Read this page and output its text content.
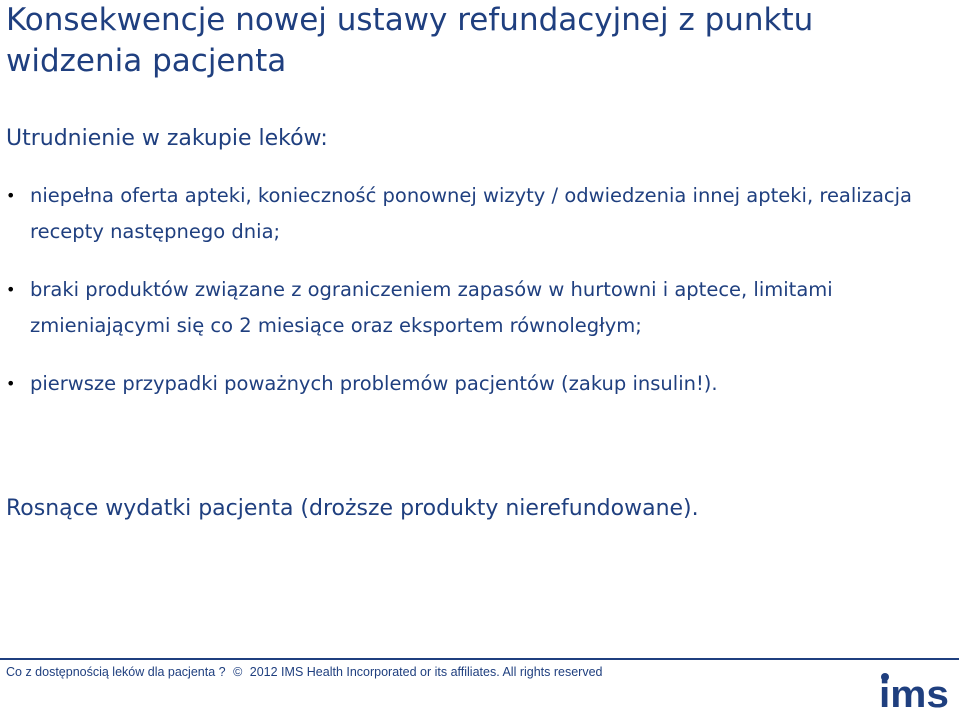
Konsekwencje nowej ustawy refundacyjnej z punktu widzenia pacjenta

Utrudnienie w zakupie leków:

• niepełna oferta apteki, konieczność ponownej wizyty / odwiedzenia innej apteki, realizacja recepty następnego dnia;
• braki produktów związane z ograniczeniem zapasów w hurtowni i aptece, limitami zmieniającymi się co 2 miesiące oraz eksportem równoległym;
• pierwsze przypadki poważnych problemów pacjentów (zakup insulin!).

Rosnące wydatki pacjenta (droższe produkty nierefundowane).

Co z dostępnością leków dla pacjenta ? © 2012 IMS Health Incorporated or its affiliates. All rights reserved
ims
